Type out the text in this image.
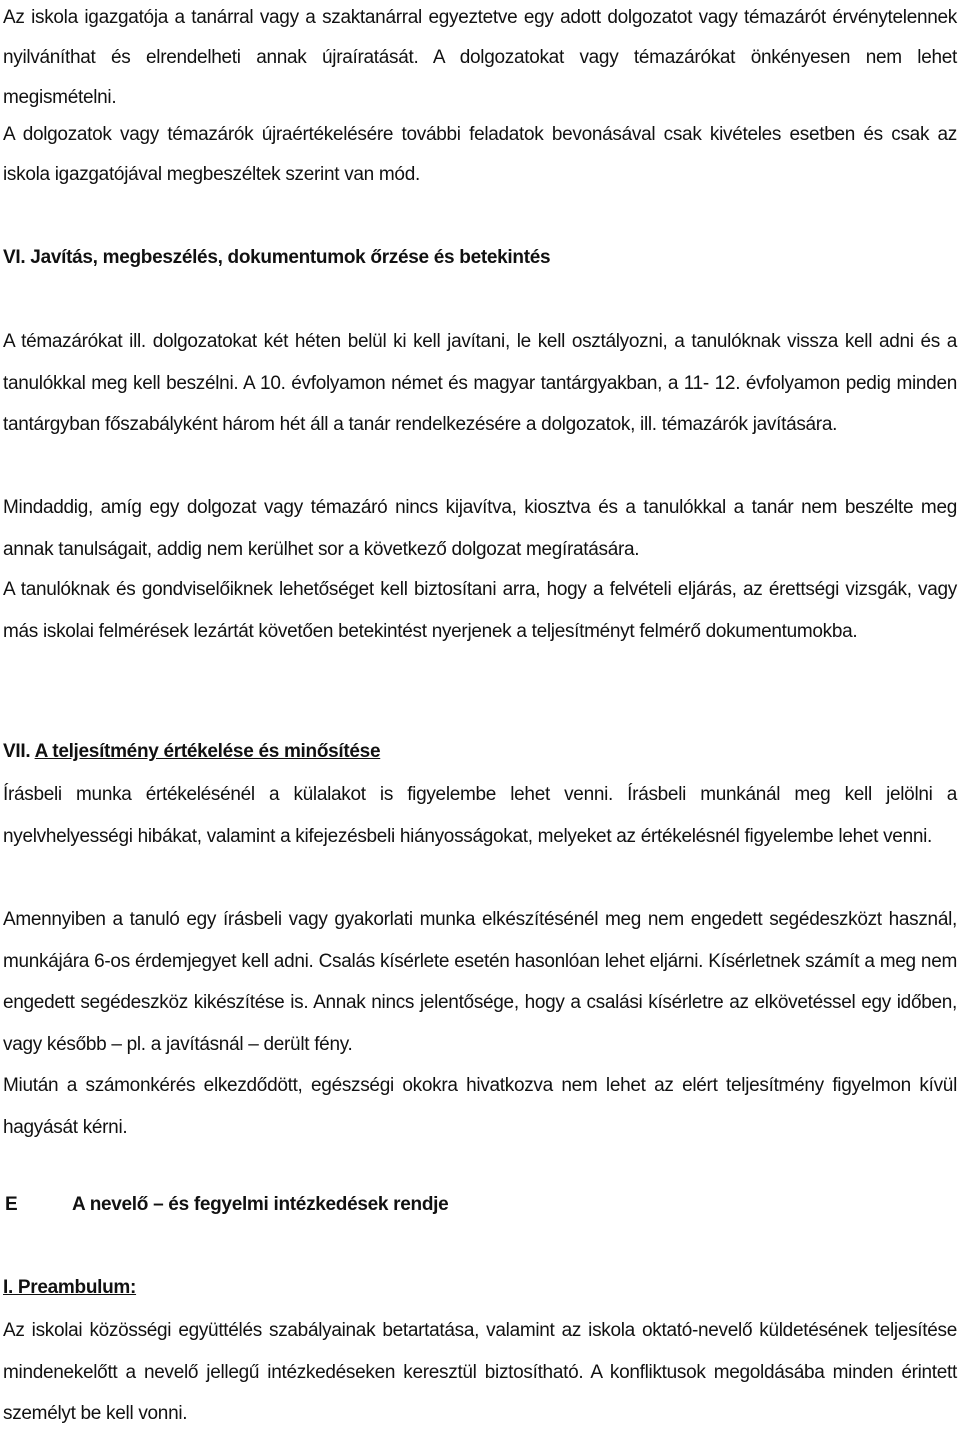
Az iskola igazgatója a tanárral vagy a szaktanárral egyeztetve egy adott dolgozatot vagy témazárót érvénytelennek nyilváníthat és elrendelheti annak újraíratását. A dolgozatokat vagy témazárókat önkényesen nem lehet megismételni.

A dolgozatok vagy témazárók újraértékelésére további feladatok bevonásával csak kivételes esetben és csak az iskola igazgatójával megbeszéltek szerint van mód.

VI. Javítás, megbeszélés, dokumentumok őrzése és betekintés

A témazárókat ill. dolgozatokat két héten belül ki kell javítani, le kell osztályozni, a tanulóknak vissza kell adni és a tanulókkal meg kell beszélni. A 10. évfolyamon német és magyar tantárgyakban, a 11- 12. évfolyamon pedig minden tantárgyban főszabályként három hét áll a tanár rendelkezésére a dolgozatok, ill. témazárók javítására.

Mindaddig, amíg egy dolgozat vagy témazáró nincs kijavítva, kiosztva és a tanulókkal a tanár nem beszélte meg annak tanulságait, addig nem kerülhet sor a következő dolgozat megíratására.

A tanulóknak és gondviselőiknek lehetőséget kell biztosítani arra, hogy a felvételi eljárás, az érettségi vizsgák, vagy más iskolai felmérések lezártát követően betekintést nyerjenek a teljesítményt felmérő dokumentumokba.

VII. A teljesítmény értékelése és minősítése

Írásbeli munka értékelésénél a külalakot is figyelembe lehet venni. Írásbeli munkánál meg kell jelölni a nyelvhelyességi hibákat, valamint a kifejezésbeli hiányosságokat, melyeket az értékelésnél figyelembe lehet venni.

Amennyiben a tanuló egy írásbeli vagy gyakorlati munka elkészítésénél meg nem engedett segédeszközt használ, munkájára 6-os érdemjegyet kell adni. Csalás kísérlete esetén hasonlóan lehet eljárni. Kísérletnek számít a meg nem engedett segédeszköz kikészítése is. Annak nincs jelentősége, hogy a csalási kísérletre az elkövetéssel egy időben, vagy később – pl. a javításnál – derült fény.

Miután a számonkérés elkezdődött, egészségi okokra hivatkozva nem lehet az elért teljesítmény figyelmon kívül hagyását kérni.

E	A nevelő – és fegyelmi intézkedések rendje
I. Preambulum:

Az iskolai közösségi együttélés szabályainak betartatása, valamint az iskola oktató-nevelő küldetésének teljesítése mindenekelőtt a nevelő jellegű intézkedéseken keresztül biztosítható. A konfliktusok megoldásába minden érintett személyt be kell vonni.
